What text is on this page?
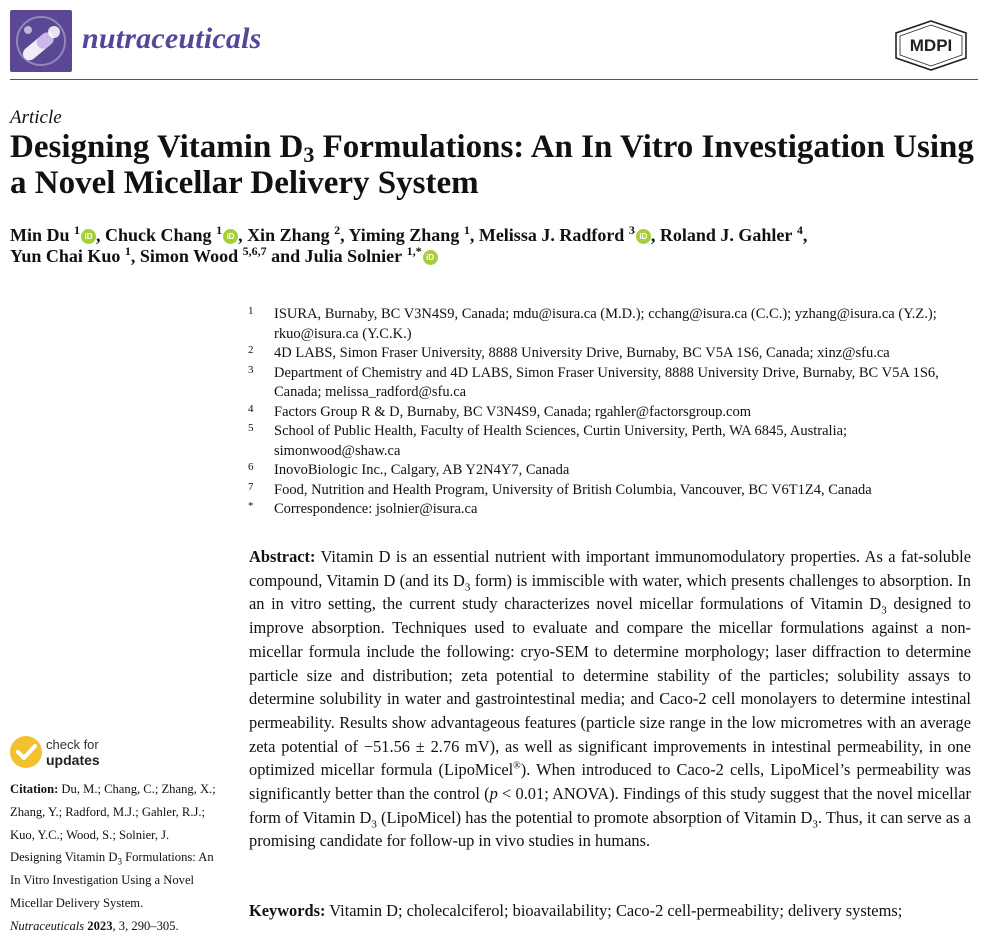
nutraceuticals	MDPI
Article
Designing Vitamin $D_3$ Formulations: An In Vitro Investigation Using a Novel Micellar Delivery System
Min Du $^1$ iD , Chuck Chang $^1$ iD , Xin Zhang $^2$, Yiming Zhang $^1$, Melissa J. Radford $^3$ iD , Roland J. Gahler $^4$,
Yun Chai Kuo $^1$, Simon Wood $^{5,6,7}$ and Julia Solnier $^{1,*}$ iD
1 ISURA, Burnaby, BC V3N4S9, Canada; mdu@isura.ca (M.D.); cchang@isura.ca (C.C.); yzhang@isura.ca (Y.Z.); rkuo@isura.ca (Y.C.K.)
2 4D LABS, Simon Fraser University, 8888 University Drive, Burnaby, BC V5A 1S6, Canada; xinz@sfu.ca
3 Department of Chemistry and 4D LABS, Simon Fraser University, 8888 University Drive, Burnaby, BC V5A 1S6, Canada; melissa_radford@sfu.ca
4 Factors Group R & D, Burnaby, BC V3N4S9, Canada; rgahler@factorsgroup.com
5 School of Public Health, Faculty of Health Sciences, Curtin University, Perth, WA 6845, Australia; simonwood@shaw.ca
6 InovoBiologic Inc., Calgary, AB Y2N4Y7, Canada
7 Food, Nutrition and Health Program, University of British Columbia, Vancouver, BC V6T1Z4, Canada
* Correspondence: jsolnier@isura.ca

Abstract: Vitamin D is an essential nutrient with important immunomodulatory properties. As a fat-soluble compound, Vitamin D (and its $D_3$ form) is immiscible with water, which presents challenges to absorption. In an in vitro setting, the current study characterizes novel micellar formulations of Vitamin $D_3$ designed to improve absorption. Techniques used to evaluate and compare the micellar formulations against a non-micellar formula include the following: cryo-SEM to determine morphology; laser diffraction to determine particle size and distribution; zeta potential to determine stability of the particles; solubility assays to determine solubility in water and gastrointestinal media; and Caco-2 cell monolayers to determine intestinal permeability. Results show advantageous features (particle size range in the low micrometres with an average zeta potential of −51.56 ± 2.76 mV), as well as significant improvements in intestinal permeability, in one optimized micellar formula (LipoMicel®). When introduced to Caco-2 cells, LipoMicel’s permeability was significantly better than the control (p < 0.01; ANOVA). Findings of this study suggest that the novel micellar form of Vitamin $D_3$ (LipoMicel) has the potential to promote absorption of Vitamin $D_3$. Thus, it can serve as a promising candidate for follow-up in vivo studies in humans.

Keywords: Vitamin D; cholecalciferol; bioavailability; Caco-2 cell-permeability; delivery systems;
check for
updates
Citation: Du, M.; Chang, C.; Zhang, X.; Zhang, Y.; Radford, M.J.; Gahler, R.J.; Kuo, Y.C.; Wood, S.; Solnier, J. Designing Vitamin $D_3$ Formulations: An In Vitro Investigation Using a Novel Micellar Delivery System. Nutraceuticals 2023, 3, 290–305.
